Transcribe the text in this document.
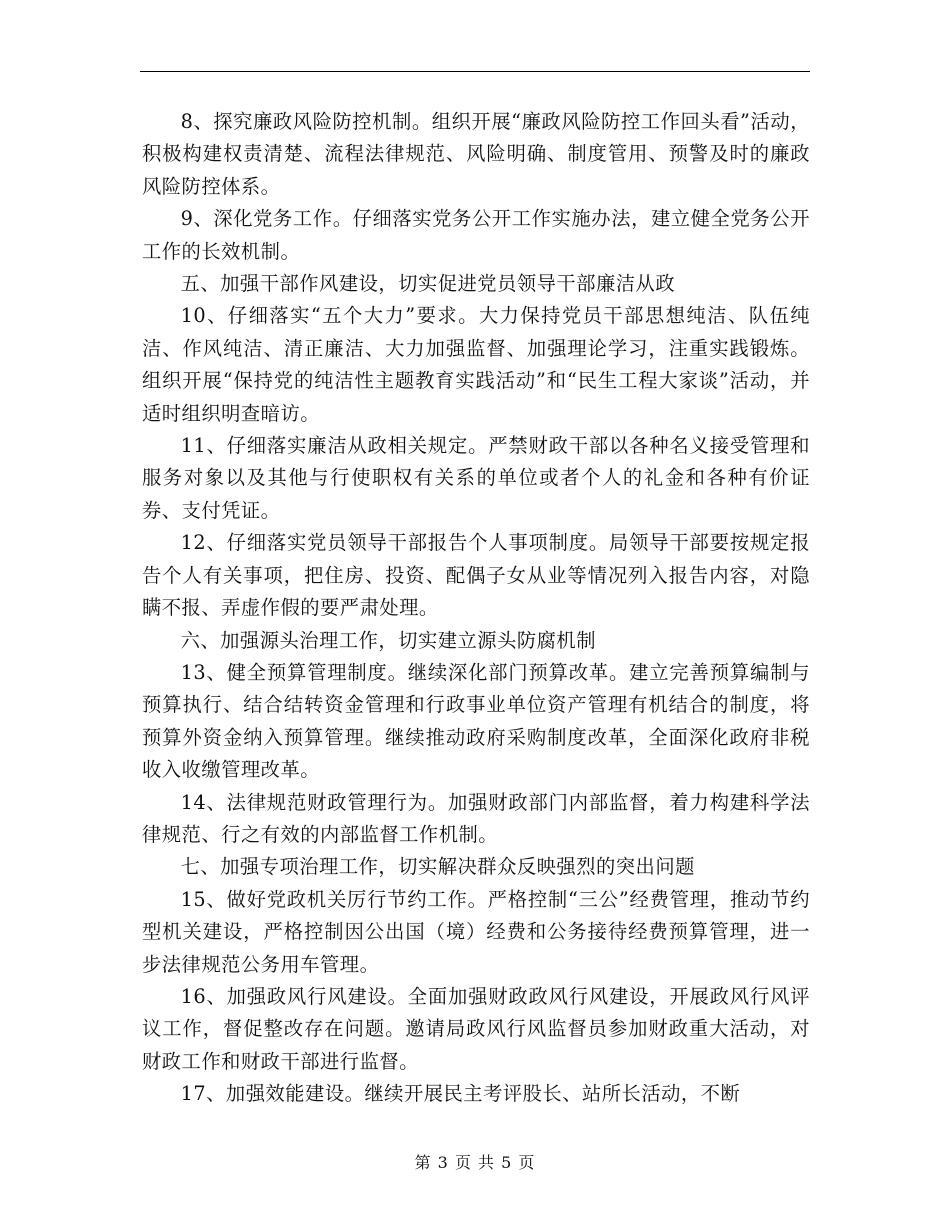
8、探究廉政风险防控机制。组织开展“廉政风险防控工作回头看”活动，积极构建权责清楚、流程法律规范、风险明确、制度管用、预警及时的廉政风险防控体系。

9、深化党务工作。仔细落实党务公开工作实施办法，建立健全党务公开工作的长效机制。

五、加强干部作风建设，切实促进党员领导干部廉洁从政

10、仔细落实“五个大力”要求。大力保持党员干部思想纯洁、队伍纯洁、作风纯洁、清正廉洁、大力加强监督、加强理论学习，注重实践锻炼。组织开展“保持党的纯洁性主题教育实践活动”和“民生工程大家谈”活动，并适时组织明查暗访。

11、仔细落实廉洁从政相关规定。严禁财政干部以各种名义接受管理和服务对象以及其他与行使职权有关系的单位或者个人的礼金和各种有价证券、支付凭证。

12、仔细落实党员领导干部报告个人事项制度。局领导干部要按规定报告个人有关事项，把住房、投资、配偶子女从业等情况列入报告内容，对隐瞒不报、弄虚作假的要严肃处理。

六、加强源头治理工作，切实建立源头防腐机制

13、健全预算管理制度。继续深化部门预算改革。建立完善预算编制与预算执行、结合结转资金管理和行政事业单位资产管理有机结合的制度，将预算外资金纳入预算管理。继续推动政府采购制度改革，全面深化政府非税收入收缴管理改革。

14、法律规范财政管理行为。加强财政部门内部监督，着力构建科学法律规范、行之有效的内部监督工作机制。

七、加强专项治理工作，切实解决群众反映强烈的突出问题

15、做好党政机关厉行节约工作。严格控制“三公”经费管理，推动节约型机关建设，严格控制因公出国（境）经费和公务接待经费预算管理，进一步法律规范公务用车管理。

16、加强政风行风建设。全面加强财政政风行风建设，开展政风行风评议工作，督促整改存在问题。邀请局政风行风监督员参加财政重大活动，对财政工作和财政干部进行监督。

17、加强效能建设。继续开展民主考评股长、站所长活动，不断

第 3 页 共 5 页
